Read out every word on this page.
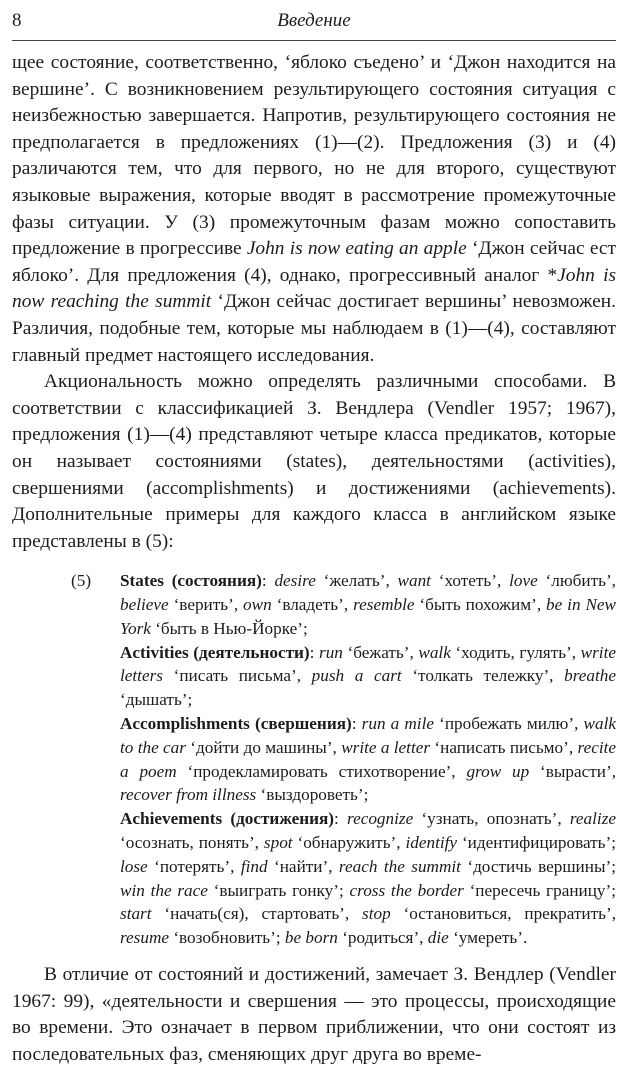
8	Введение

щее состояние, соответственно, ‘яблоко съедено’ и ‘Джон находится на вершине’. С возникновением результирующего состояния ситуация с неизбежностью завершается. Напротив, результирующего состояния не предполагается в предложениях (1)—(2). Предложения (3) и (4) различаются тем, что для первого, но не для второго, существуют языковые выражения, которые вводят в рассмотрение промежуточные фазы ситуации. У (3) промежуточным фазам можно сопоставить предложение в прогрессиве John is now eating an apple ‘Джон сейчас ест яблоко’. Для предложения (4), однако, прогрессивный аналог *John is now reaching the summit ‘Джон сейчас достигает вершины’ невозможен. Различия, подобные тем, которые мы наблюдаем в (1)—(4), составляют главный предмет настоящего исследования.

Акциональность можно определять различными способами. В соответствии с классификацией З. Вендлера (Vendler 1957; 1967), предложения (1)—(4) представляют четыре класса предикатов, которые он называет состояниями (states), деятельностями (activities), свершениями (accomplishments) и достижениями (achievements). Дополнительные примеры для каждого класса в английском языке представлены в (5):

(5) States (состояния): desire ‘желать’, want ‘хотеть’, love ‘любить’, believe ‘верить’, own ‘владеть’, resemble ‘быть похожим’, be in New York ‘быть в Нью-Йорке’;

Activities (деятельности): run ‘бежать’, walk ‘ходить, гулять’, write letters ‘писать письма’, push a cart ‘толкать тележку’, breathe ‘дышать’;

Accomplishments (свершения): run a mile ‘пробежать милю’, walk to the car ‘дойти до машины’, write a letter ‘написать письмо’, recite a poem ‘продекламировать стихотворение’, grow up ‘вырасти’, recover from illness ‘выздороветь’;

Achievements (достижения): recognize ‘узнать, опознать’, realize ‘осознать, понять’, spot ‘обнаружить’, identify ‘идентифицировать’; lose ‘потерять’, find ‘найти’, reach the summit ‘достичь вершины’; win the race ‘выиграть гонку’; cross the border ‘пересечь границу’; start ‘начать(ся), стартовать’, stop ‘остановиться, прекратить’, resume ‘возобновить’; be born ‘родиться’, die ‘умереть’.

В отличие от состояний и достижений, замечает З. Вендлер (Vendler 1967: 99), «деятельности и свершения — это процессы, происходящие во времени. Это означает в первом приближении, что они состоят из последовательных фаз, сменяющих друг друга во време-
